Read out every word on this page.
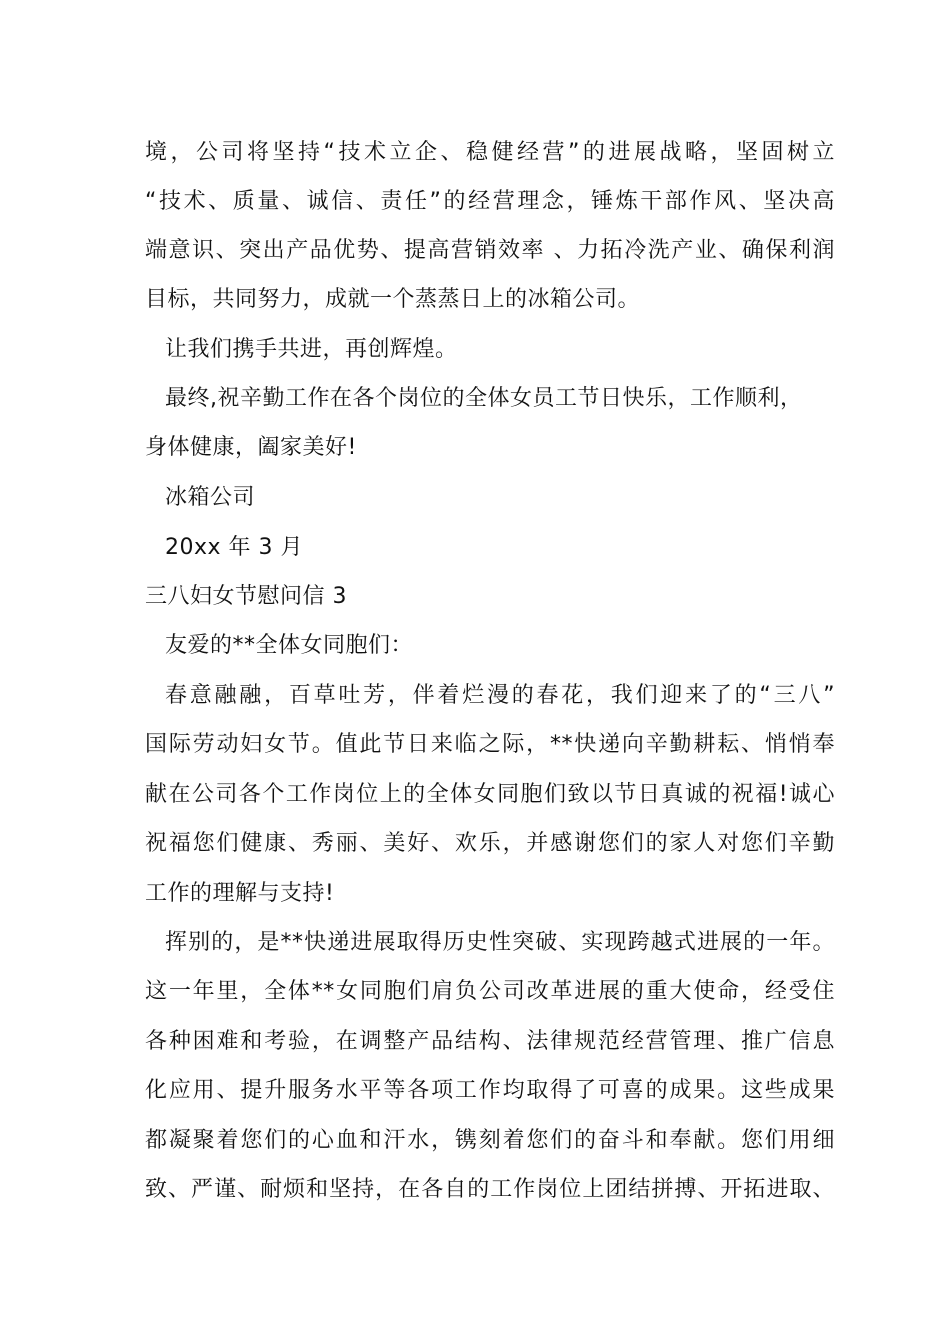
境，公司将坚持“技术立企、稳健经营”的进展战略，坚固树立
“技术、质量、诚信、责任”的经营理念，锤炼干部作风、坚决高
端意识、突出产品优势、提高营销效率 、力拓冷洗产业、确保利润
目标，共同努力，成就一个蒸蒸日上的冰箱公司。
让我们携手共进，再创辉煌。
最终,祝辛勤工作在各个岗位的全体女员工节日快乐，工作顺利，
身体健康，阖家美好!
冰箱公司
20xx 年 3 月
三八妇女节慰问信 3
友爱的**全体女同胞们：
春意融融，百草吐芳，伴着烂漫的春花，我们迎来了的“三八”
国际劳动妇女节。值此节日来临之际，**快递向辛勤耕耘、悄悄奉
献在公司各个工作岗位上的全体女同胞们致以节日真诚的祝福!诚心
祝福您们健康、秀丽、美好、欢乐，并感谢您们的家人对您们辛勤
工作的理解与支持!
挥别的，是**快递进展取得历史性突破、实现跨越式进展的一年。
这一年里，全体**女同胞们肩负公司改革进展的重大使命，经受住
各种困难和考验，在调整产品结构、法律规范经营管理、推广信息
化应用、提升服务水平等各项工作均取得了可喜的成果。这些成果
都凝聚着您们的心血和汗水，镌刻着您们的奋斗和奉献。您们用细
致、严谨、耐烦和坚持，在各自的工作岗位上团结拼搏、开拓进取、
